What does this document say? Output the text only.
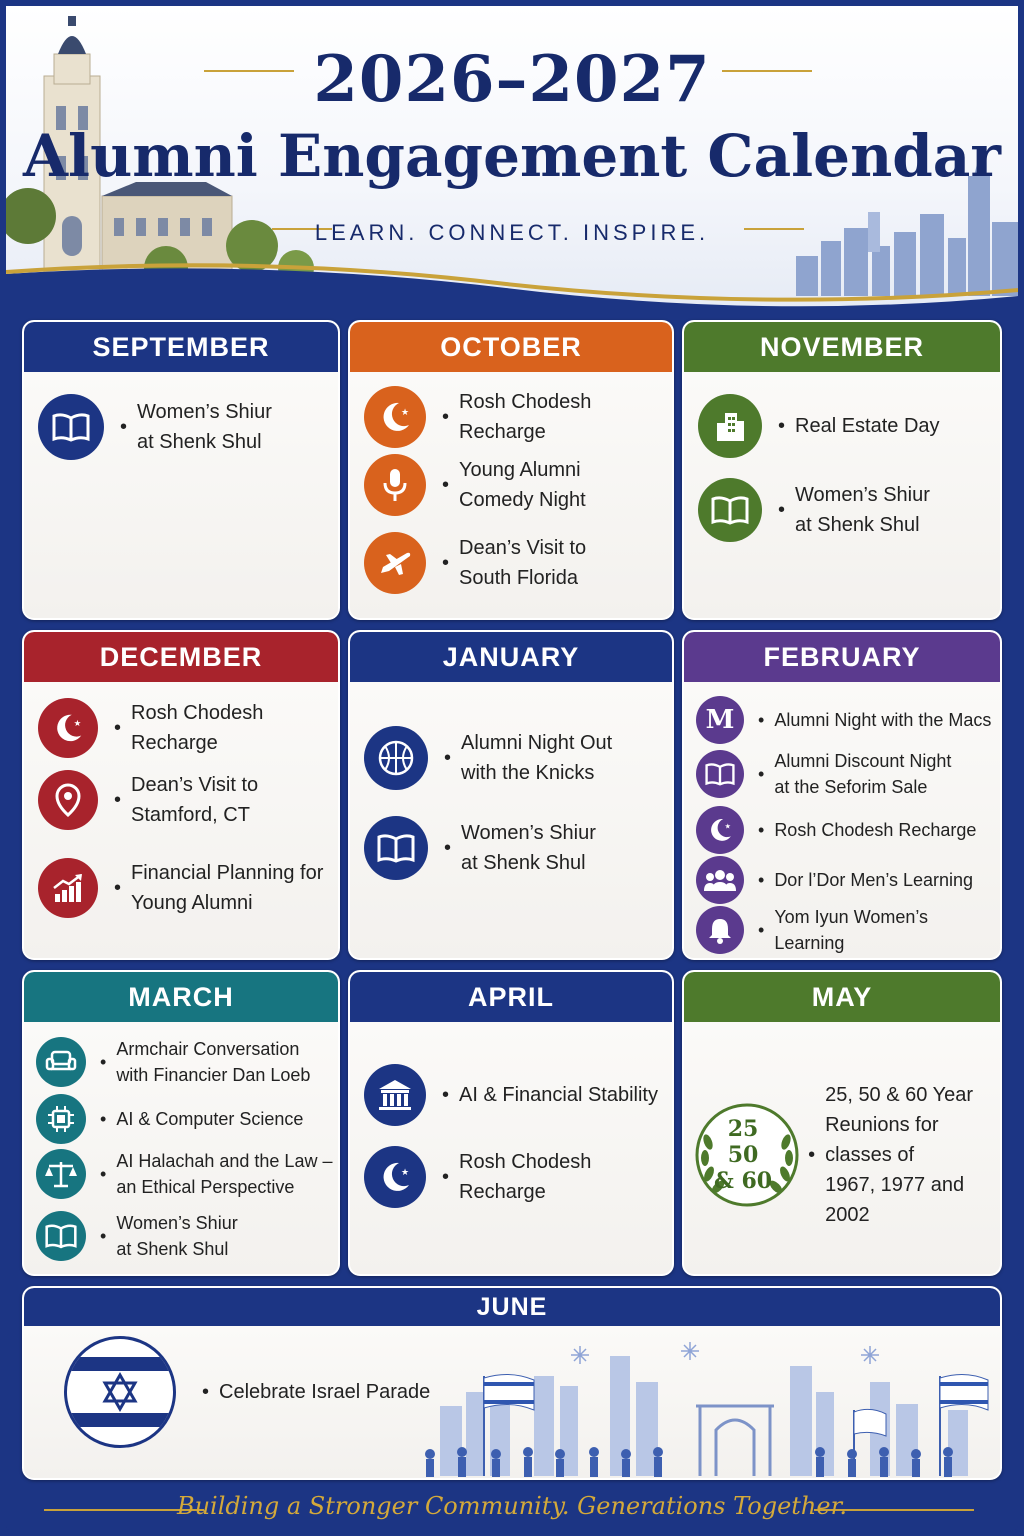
2026–2027
Alumni Engagement Calendar
LEARN. CONNECT. INSPIRE.
SEPTEMBER
•
Women’s Shiur
at Shenk Shul
OCTOBER
★ •
Rosh Chodesh Recharge
•
Young Alumni
Comedy Night
•
Dean’s Visit to
South Florida
NOVEMBER
• Real Estate Day
•
Women’s Shiur
at Shenk Shul
DECEMBER
★ •
Rosh Chodesh Recharge
•
Dean’s Visit to
Stamford, CT
•
Financial Planning for
Young Alumni
JANUARY
•
Alumni Night Out
with the Knicks
•
Women’s Shiur
at Shenk Shul
FEBRUARY
M	• Alumni Night with the Macs
•
Alumni Discount Night
at the Seforim Sale
★ • Rosh Chodesh Recharge
• Dor l’Dor Men’s Learning
•
Yom Iyun Women’s Learning
MARCH
•
Armchair Conversation
with Financier Dan Loeb
• AI & Computer Science
•
AI Halachah and the Law –
an Ethical Perspective
•
Women’s Shiur
at Shenk Shul
APRIL
• AI & Financial Stability
★ •
Rosh Chodesh Recharge
MAY
25
50
& 60
•
25, 50 & 60 Year
Reunions for
classes of
1967, 1977 and 2002
JUNE
• Celebrate Israel Parade
Building a Stronger Community. Generations Together.
